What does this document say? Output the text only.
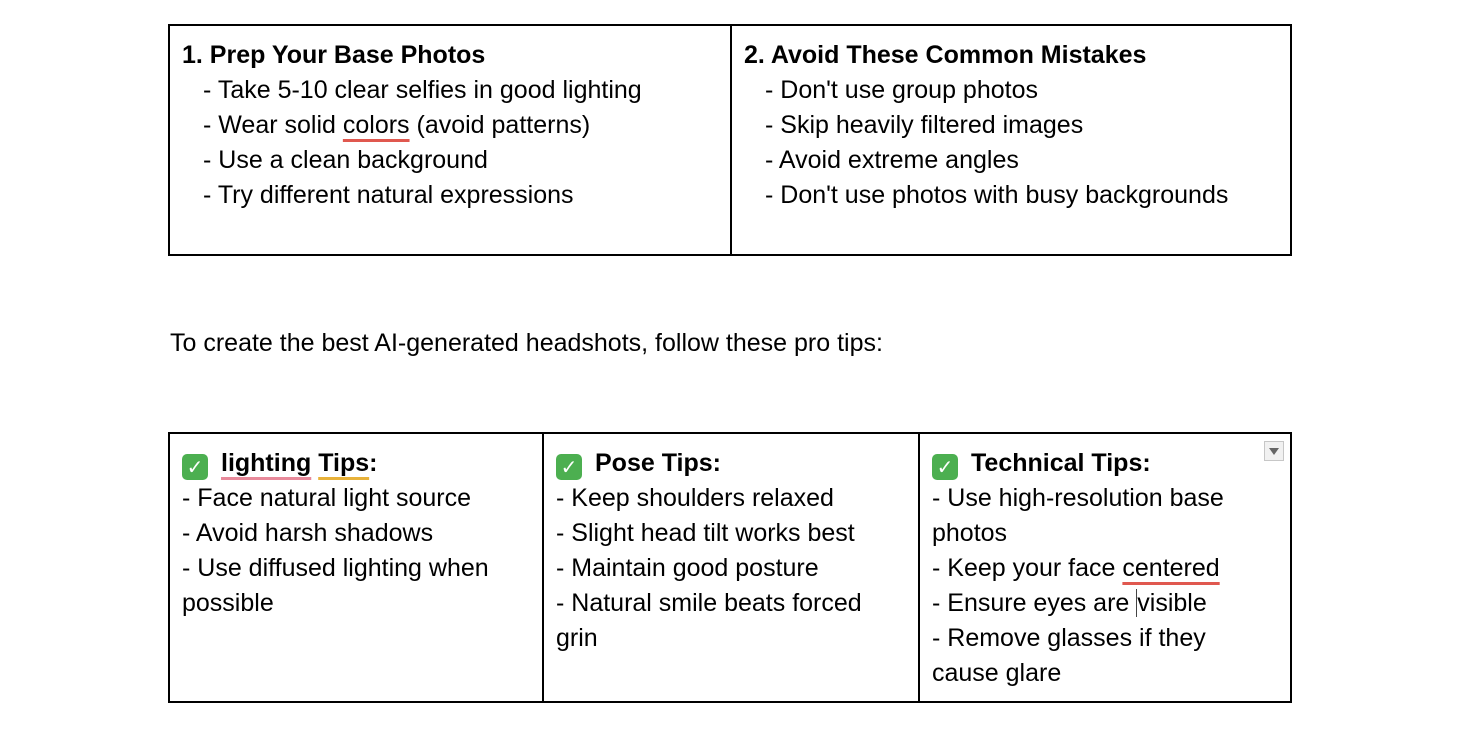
1. Prep Your Base Photos
- Take 5-10 clear selfies in good lighting
- Wear solid colors (avoid patterns)
- Use a clean background
- Try different natural expressions

2. Avoid These Common Mistakes
- Don't use group photos
- Skip heavily filtered images
- Avoid extreme angles
- Don't use photos with busy backgrounds
To create the best AI-generated headshots, follow these pro tips:
✓ lighting Tips:
- Face natural light source
- Avoid harsh shadows
- Use diffused lighting when possible

✓ Pose Tips:
- Keep shoulders relaxed
- Slight head tilt works best
- Maintain good posture
- Natural smile beats forced grin

✓ Technical Tips:
- Use high-resolution base photos
- Keep your face centered
- Ensure eyes are visible
- Remove glasses if they cause glare
